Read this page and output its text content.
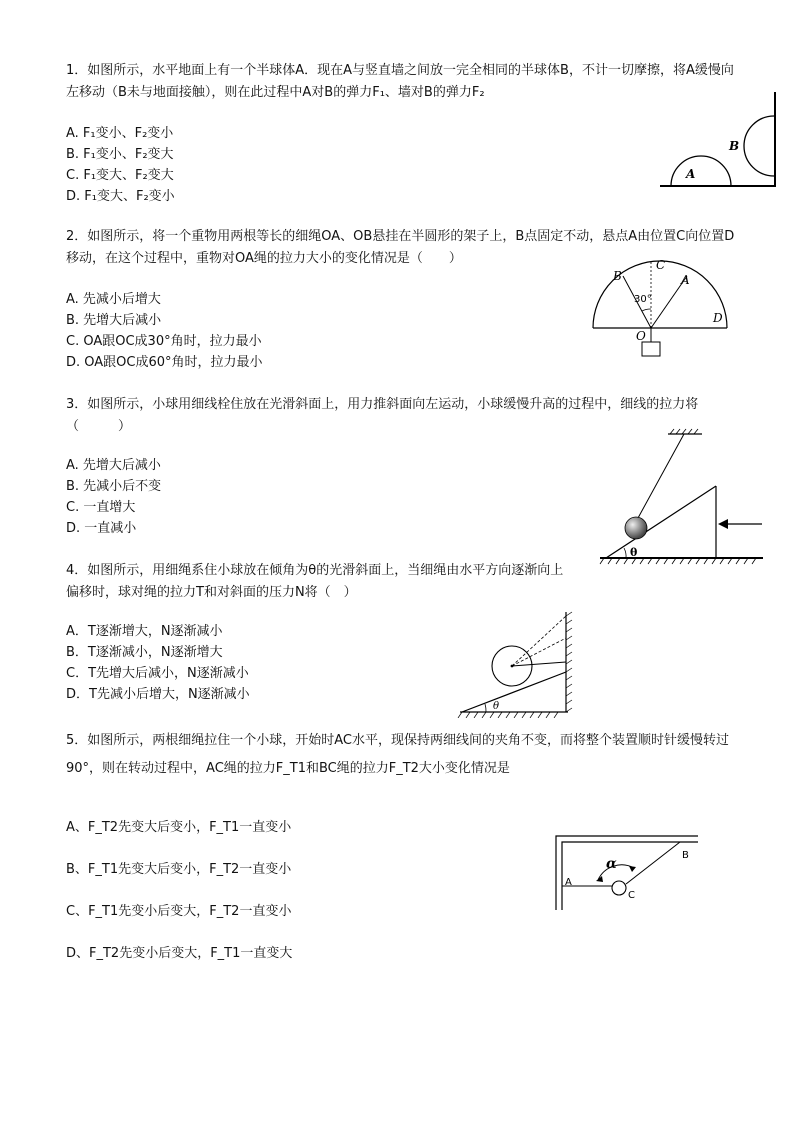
1．如图所示，水平地面上有一个半球体A．现在A与竖直墙之间放一完全相同的半球体B，不计一切摩擦，将A缓慢向左移动（B未与地面接触），则在此过程中A对B的弹力F₁、墙对B的弹力F₂
A. F₁变小、F₂变小
B. F₁变小、F₂变大
C. F₁变大、F₂变大
D. F₁变大、F₂变小
A
B
2．如图所示，将一个重物用两根等长的细绳OA、OB悬挂在半圆形的架子上，B点固定不动，悬点A由位置C向位置D移动，在这个过程中，重物对OA绳的拉力大小的变化情况是（　　）
A. 先减小后增大
B. 先增大后减小
C. OA跟OC成30°角时，拉力最小
D. OA跟OC成60°角时，拉力最小
B
C
A
D
O
30°
3．如图所示，小球用细线栓住放在光滑斜面上，用力推斜面向左运动，小球缓慢升高的过程中，细线的拉力将（　　　）
A. 先增大后减小
B. 先减小后不变
C. 一直增大
D. 一直减小
θ
4．如图所示，用细绳系住小球放在倾角为θ的光滑斜面上，当细绳由水平方向逐渐向上偏移时，球对绳的拉力T和对斜面的压力N将（　）
A．T逐渐增大，N逐渐减小
B．T逐渐减小，N逐渐增大
C．T先增大后减小，N逐渐减小
D．T先减小后增大，N逐渐减小
θ
5．如图所示，两根细绳拉住一个小球，开始时AC水平，现保持两细线间的夹角不变，而将整个装置顺时针缓慢转过90°，则在转动过程中，AC绳的拉力F_T1和BC绳的拉力F_T2大小变化情况是
A、F_T2先变大后变小，F_T1一直变小
B、F_T1先变大后变小，F_T2一直变小
C、F_T1先变小后变大，F_T2一直变小
D、F_T2先变小后变大，F_T1一直变大
α
A
B
C
